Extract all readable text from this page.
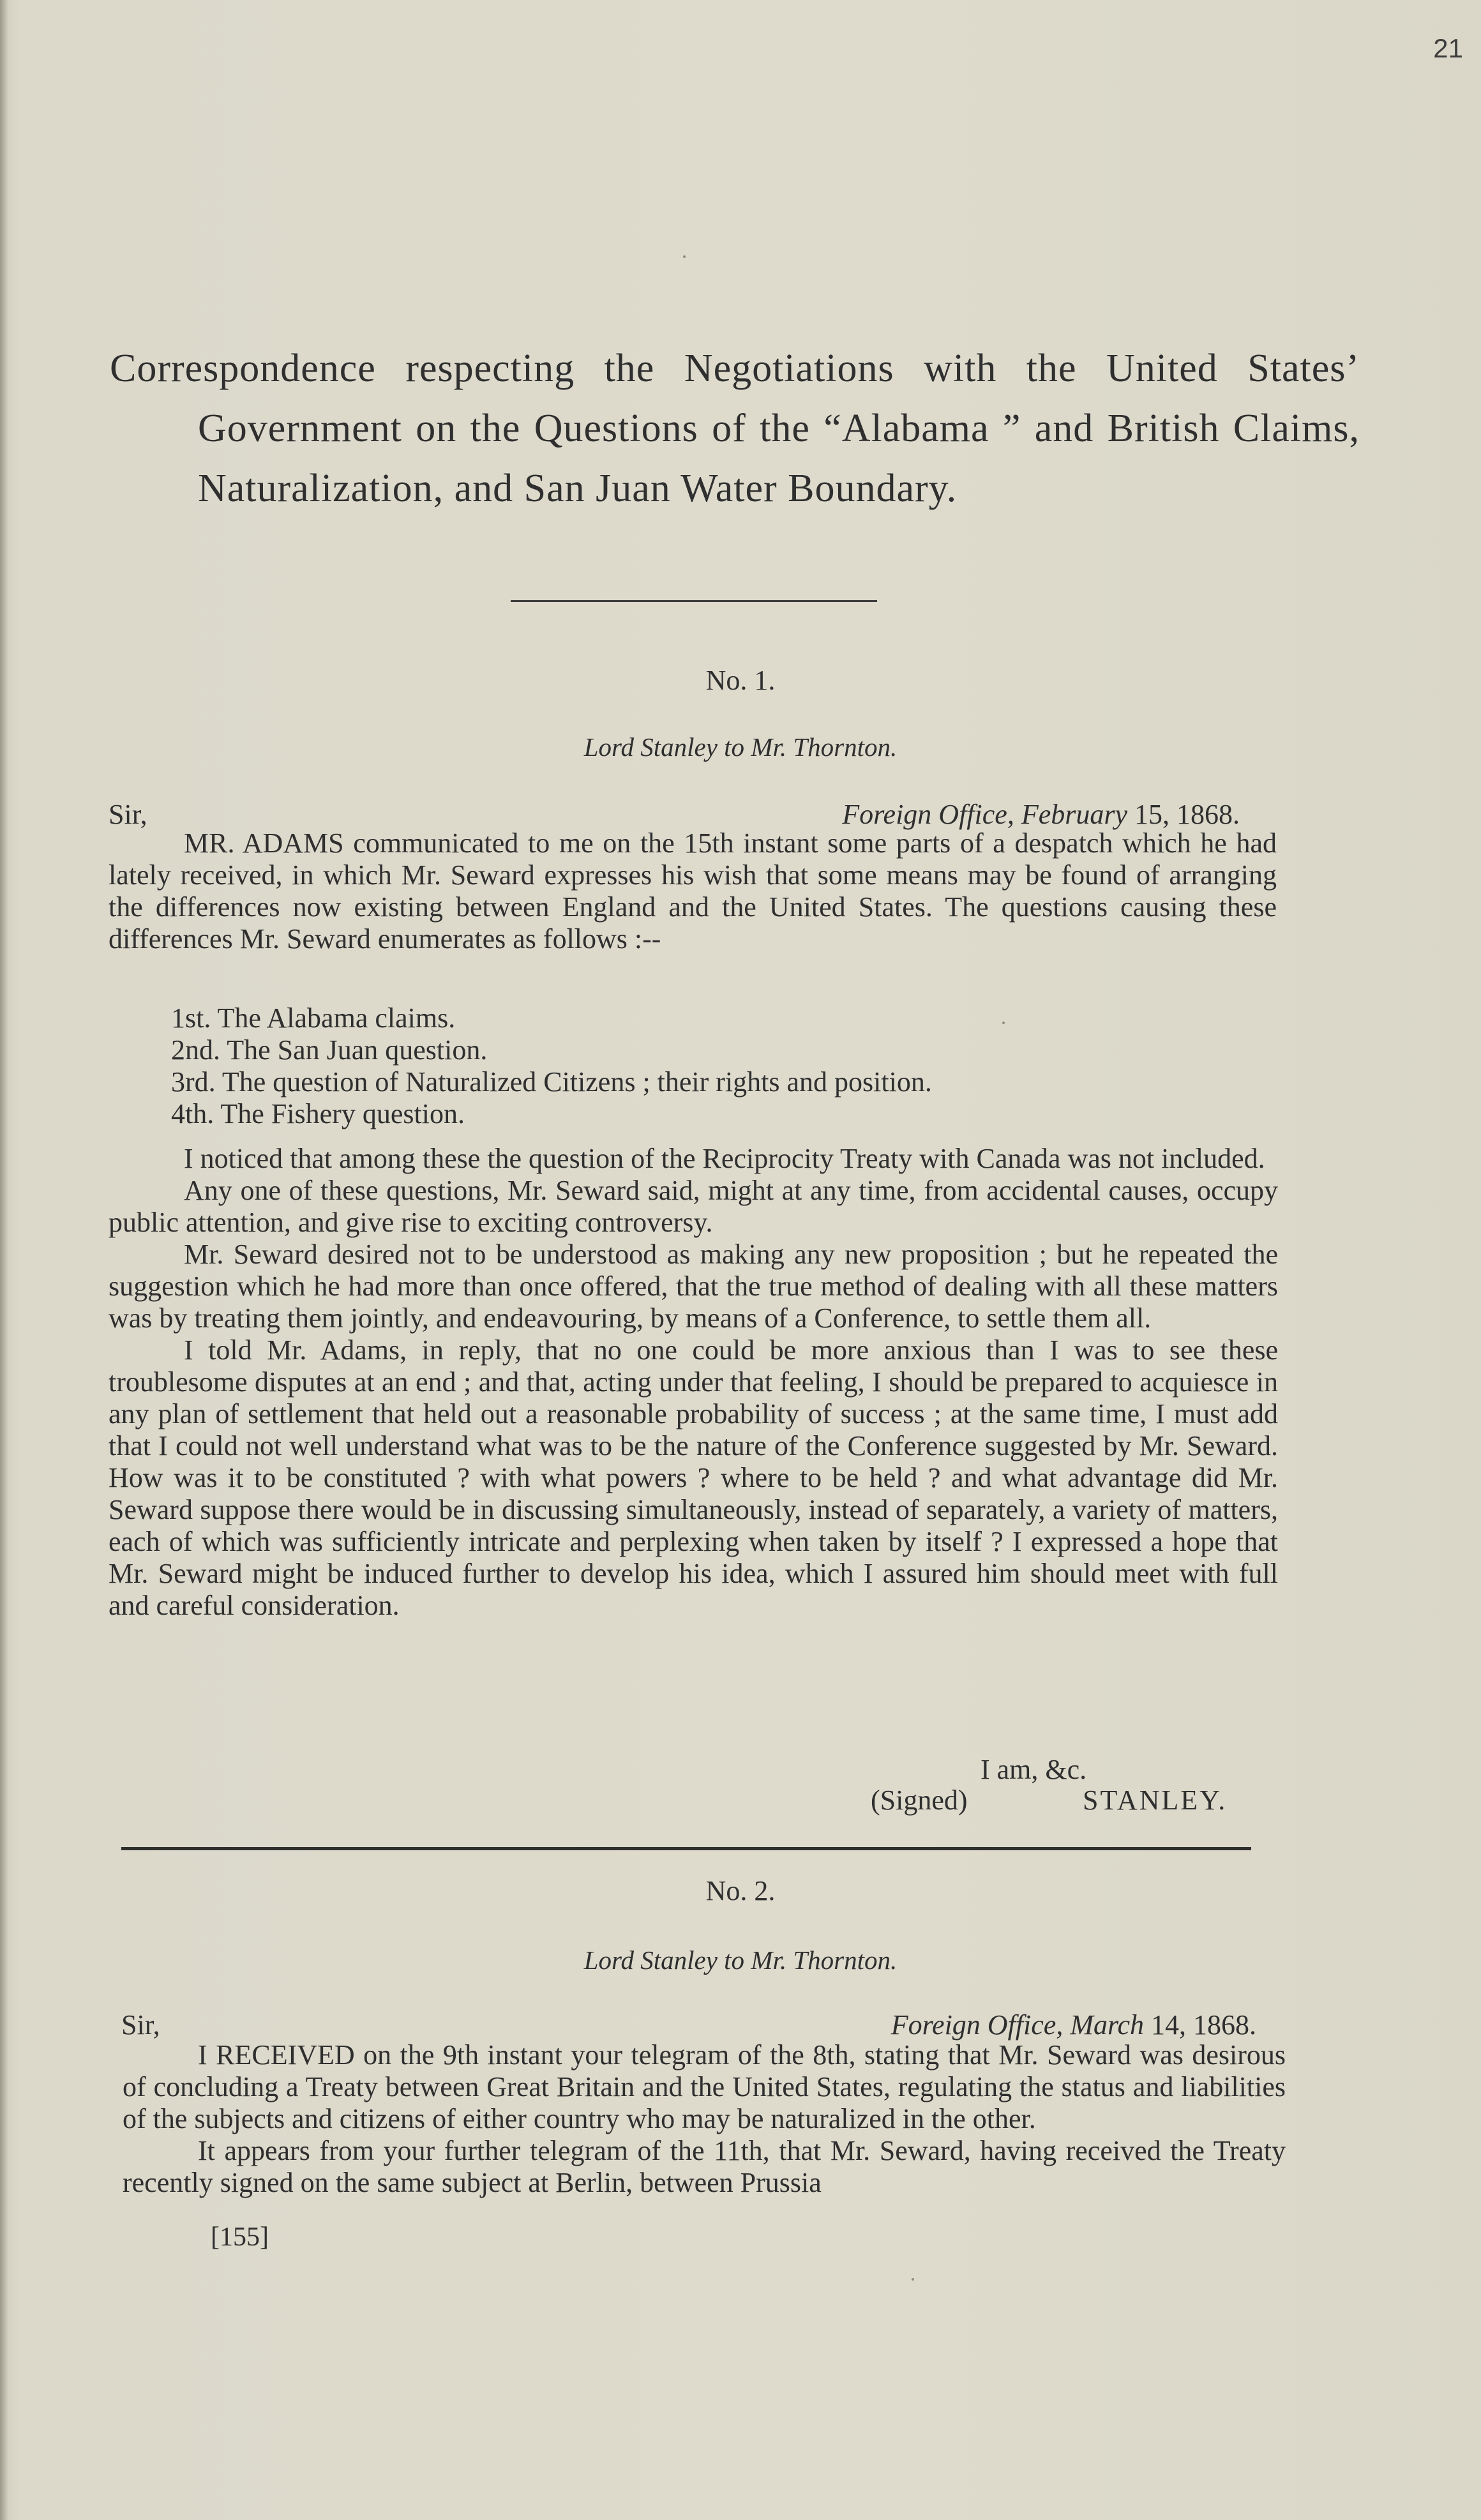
21
Correspondence respecting the Negotiations with the United States’ Government on the Questions of the “Alabama ” and British Claims, Naturalization, and San Juan Water Boundary.
No. 1.
Lord Stanley to Mr. Thornton.
Sir,	Foreign Office, February 15, 1868.

MR. ADAMS communicated to me on the 15th instant some parts of a despatch which he had lately received, in which Mr. Seward expresses his wish that some means may be found of arranging the differences now existing between England and the United States. The questions causing these differences Mr. Seward enumerates as follows :--

1st. The Alabama claims.
2nd. The San Juan question.
3rd. The question of Naturalized Citizens ; their rights and position.
4th. The Fishery question.

I noticed that among these the question of the Reciprocity Treaty with Canada was not included.

Any one of these questions, Mr. Seward said, might at any time, from accidental causes, occupy public attention, and give rise to exciting controversy.

Mr. Seward desired not to be understood as making any new proposition ; but he repeated the suggestion which he had more than once offered, that the true method of dealing with all these matters was by treating them jointly, and endeavouring, by means of a Conference, to settle them all.

I told Mr. Adams, in reply, that no one could be more anxious than I was to see these troublesome disputes at an end ; and that, acting under that feeling, I should be prepared to acquiesce in any plan of settlement that held out a reasonable probability of success ; at the same time, I must add that I could not well understand what was to be the nature of the Conference suggested by Mr. Seward. How was it to be constituted ? with what powers ? where to be held ? and what advantage did Mr. Seward suppose there would be in discussing simultaneously, instead of separately, a variety of matters, each of which was sufficiently intricate and perplexing when taken by itself ? I expressed a hope that Mr. Seward might be induced further to develop his idea, which I assured him should meet with full and careful consideration.

I am, &c.
(Signed)	STANLEY.
No. 2.
Lord Stanley to Mr. Thornton.
Sir,	Foreign Office, March 14, 1868.

I RECEIVED on the 9th instant your telegram of the 8th, stating that Mr. Seward was desirous of concluding a Treaty between Great Britain and the United States, regulating the status and liabilities of the subjects and citizens of either country who may be naturalized in the other.

It appears from your further telegram of the 11th, that Mr. Seward, having received the Treaty recently signed on the same subject at Berlin, between Prussia

[155]
